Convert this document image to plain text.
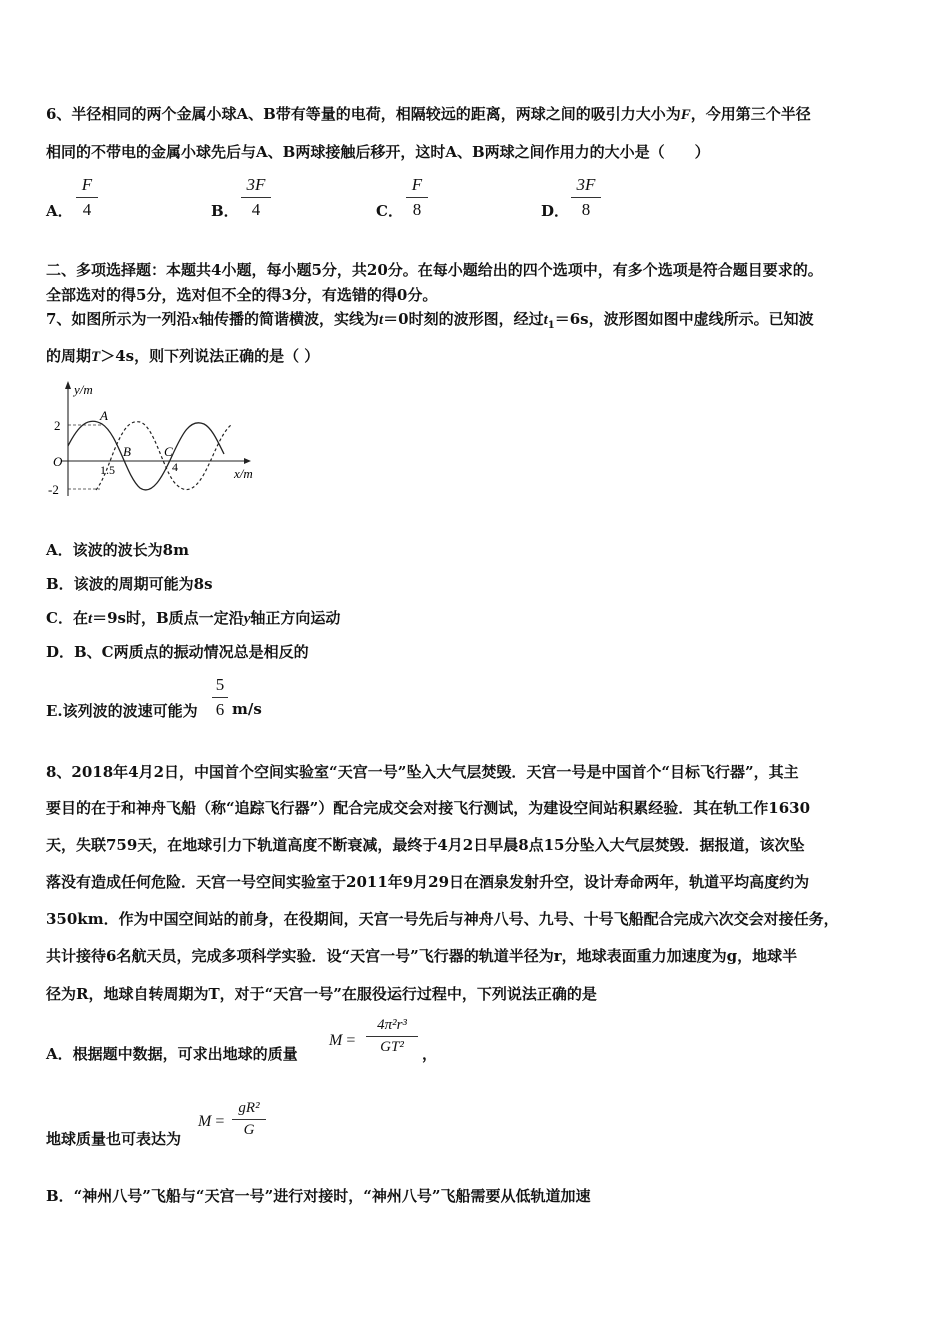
6、半径相同的两个金属小球A、B带有等量的电荷，相隔较远的距离，两球之间的吸引力大小为F，今用第三个半径
相同的不带电的金属小球先后与A、B两球接触后移开，这时A、B两球之间作用力的大小是（　　）
A．
F
4	B．
3F
4	C．
F
8	D．
3F
8
二、多项选择题：本题共4小题，每小题5分，共20分。在每小题给出的四个选项中，有多个选项是符合题目要求的。
全部选对的得5分，选对但不全的得3分，有选错的得0分。
7、如图所示为一列沿x轴传播的简谐横波，实线为t＝0时刻的波形图，经过$t_1=6s$，波形图如图中虚线所示。已知波
的周期T＞4s，则下列说法正确的是（ ）
y/m
x/m
O
2
-2
1.5	4
A
B	C
A．该波的波长为8m
B．该波的周期可能为8s
C．在t＝9s时，B质点一定沿y轴正方向运动
D．B、C两质点的振动情况总是相反的
E.该列波的波速可能为
5
6 m/s
8、2018年4月2日，中国首个空间实验室“天宫一号”坠入大气层焚毁．天宫一号是中国首个“目标飞行器”，其主
要目的在于和神舟飞船（称“追踪飞行器”）配合完成交会对接飞行测试，为建设空间站积累经验．其在轨工作1630
天，失联759天，在地球引力下轨道高度不断衰减，最终于4月2日早晨8点15分坠入大气层焚毁．据报道，该次坠
落没有造成任何危险．天宫一号空间实验室于2011年9月29日在酒泉发射升空，设计寿命两年，轨道平均高度约为
350km．作为中国空间站的前身，在役期间，天宫一号先后与神舟八号、九号、十号飞船配合完成六次交会对接任务，
共计接待6名航天员，完成多项科学实验．设“天宫一号”飞行器的轨道半径为r，地球表面重力加速度为g，地球半
径为R，地球自转周期为T，对于“天宫一号”在服役运行过程中，下列说法正确的是
A．根据题中数据，可求出地球的质量
M =
4π²r³
GT²	，
地球质量也可表达为
M =
gR²
G
B．“神州八号”飞船与“天宫一号”进行对接时，“神州八号”飞船需要从低轨道加速
